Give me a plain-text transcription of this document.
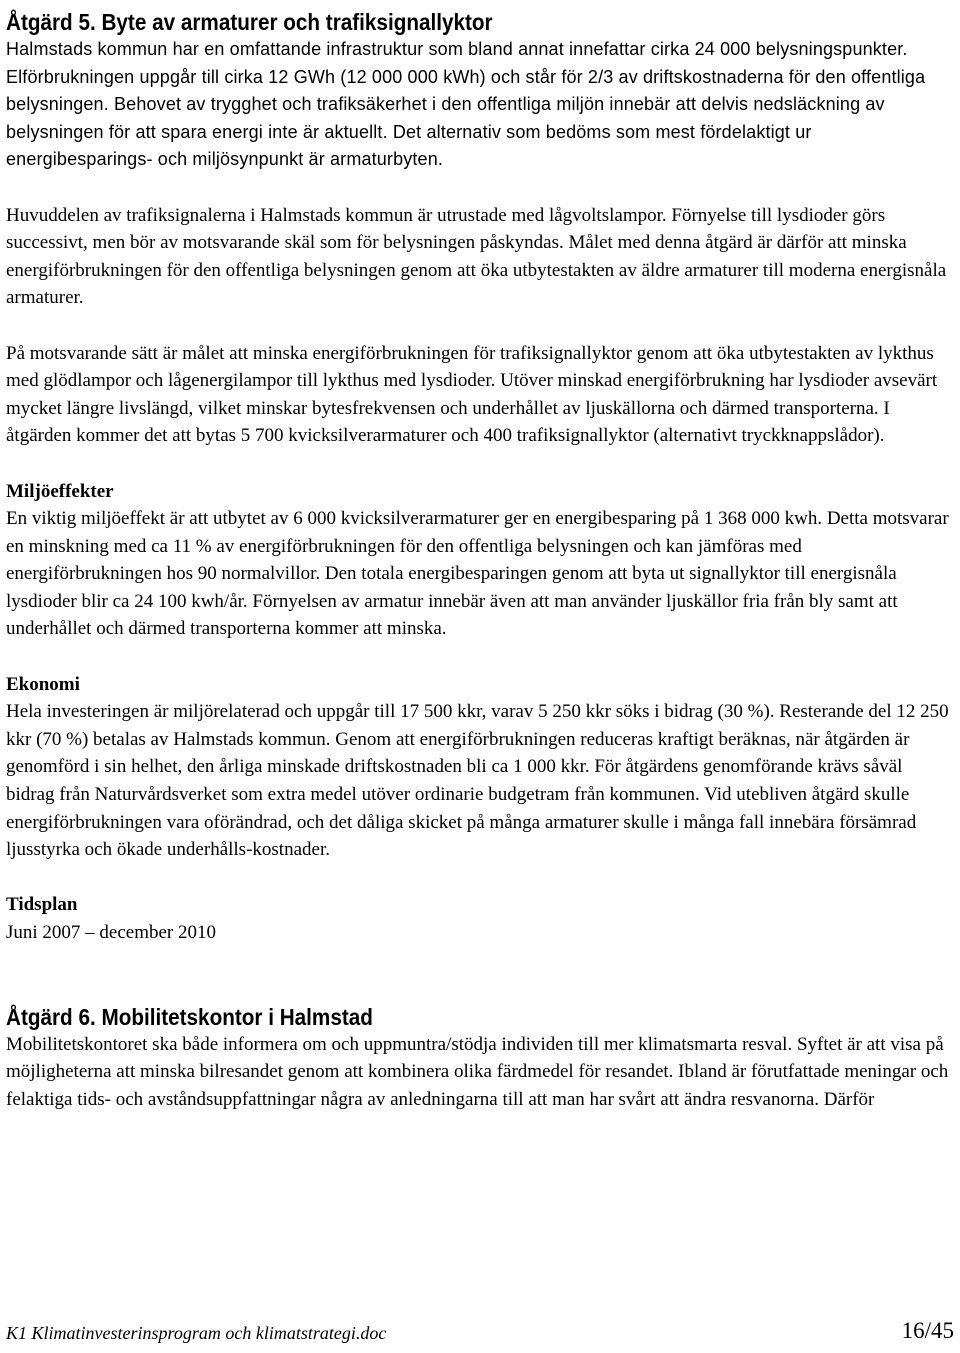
Åtgärd 5. Byte av armaturer och trafiksignallyktor

Halmstads kommun har en omfattande infrastruktur som bland annat innefattar cirka 24 000 belysningspunkter. Elförbrukningen uppgår till cirka 12 GWh (12 000 000 kWh) och står för 2/3 av driftskostnaderna för den offentliga belysningen. Behovet av trygghet och trafiksäkerhet i den offentliga miljön innebär att delvis nedsläckning av belysningen för att spara energi inte är aktuellt. Det alternativ som bedöms som mest fördelaktigt ur energibesparings- och miljösynpunkt är armaturbyten.

Huvuddelen av trafiksignalerna i Halmstads kommun är utrustade med lågvoltslampor. Förnyelse till lysdioder görs successivt, men bör av motsvarande skäl som för belysningen påskyndas. Målet med denna åtgärd är därför att minska energiförbrukningen för den offentliga belysningen genom att öka utbytestakten av äldre armaturer till moderna energisnåla armaturer.

På motsvarande sätt är målet att minska energiförbrukningen för trafiksignallyktor genom att öka utbytestakten av lykthus med glödlampor och lågenergilampor till lykthus med lysdioder. Utöver minskad energiförbrukning har lysdioder avsevärt mycket längre livslängd, vilket minskar bytesfrekvensen och underhållet av ljuskällorna och därmed transporterna. I åtgärden kommer det att bytas 5 700 kvicksilverarmaturer och 400 trafiksignallyktor (alternativt tryckknappslådor).

Miljöeffekter

En viktig miljöeffekt är att utbytet av 6 000 kvicksilverarmaturer ger en energibesparing på 1 368 000 kwh. Detta motsvarar en minskning med ca 11 % av energiförbrukningen för den offentliga belysningen och kan jämföras med energiförbrukningen hos 90 normalvillor. Den totala energibesparingen genom att byta ut signallyktor till energisnåla lysdioder blir ca 24 100 kwh/år. Förnyelsen av armatur innebär även att man använder ljuskällor fria från bly samt att underhållet och därmed transporterna kommer att minska.

Ekonomi

Hela investeringen är miljörelaterad och uppgår till 17 500 kkr, varav 5 250 kkr söks i bidrag (30 %). Resterande del 12 250 kkr (70 %) betalas av Halmstads kommun. Genom att energiförbrukningen reduceras kraftigt beräknas, när åtgärden är genomförd i sin helhet, den årliga minskade driftskostnaden bli ca 1 000 kkr. För åtgärdens genomförande krävs såväl bidrag från Naturvårdsverket som extra medel utöver ordinarie budgetram från kommunen. Vid utebliven åtgärd skulle energiförbrukningen vara oförändrad, och det dåliga skicket på många armaturer skulle i många fall innebära försämrad ljusstyrka och ökade underhålls-kostnader.

Tidsplan

Juni 2007 – december 2010

Åtgärd 6. Mobilitetskontor i Halmstad

Mobilitetskontoret ska både informera om och uppmuntra/stödja individen till mer klimatsmarta resval. Syftet är att visa på möjligheterna att minska bilresandet genom att kombinera olika färdmedel för resandet. Ibland är förutfattade meningar och felaktiga tids- och avståndsuppfattningar några av anledningarna till att man har svårt att ändra resvanorna. Därför

K1 Klimatinvesterinsprogram och klimatstrategi.doc	16/45
